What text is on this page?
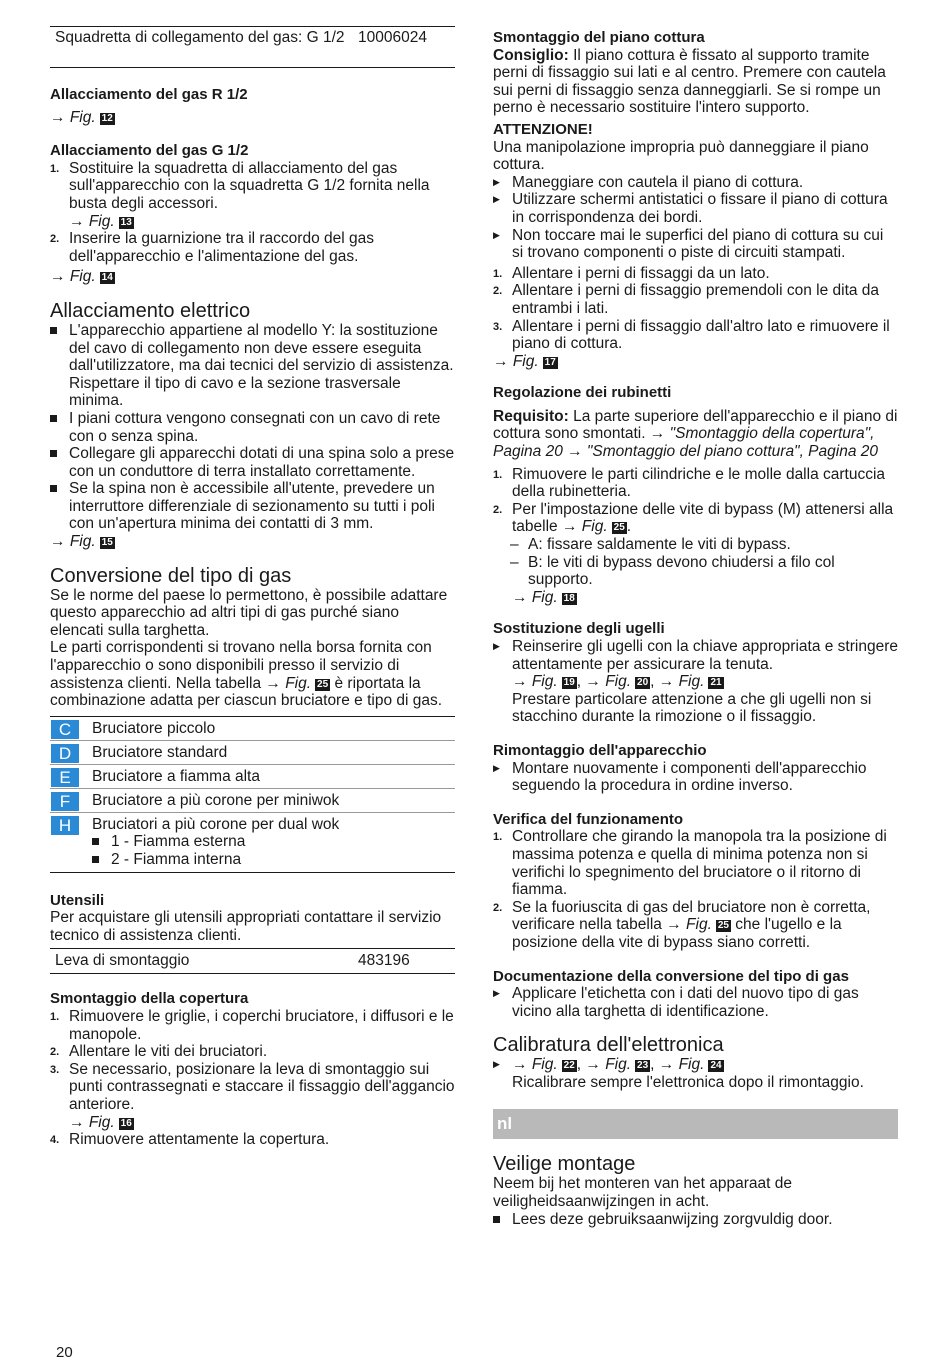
Squadretta di collegamento del gas: G 1/2 10006024
Allacciamento del gas R 1/2

→ Fig. 12

Allacciamento del gas G 1/2
1. Sostituire la squadretta di allacciamento del gas sull'apparecchio con la squadretta G 1/2 fornita nella busta degli accessori.
→ Fig. 13
2. Inserire la guarnizione tra il raccordo del gas dell'apparecchio e l'alimentazione del gas.

→ Fig. 14

Allacciamento elettrico
L'apparecchio appartiene al modello Y: la sostituzione del cavo di collegamento non deve essere eseguita dall'utilizzatore, ma dai tecnici del servizio di assistenza. Rispettare il tipo di cavo e la sezione trasversale minima.
I piani cottura vengono consegnati con un cavo di rete con o senza spina.
Collegare gli apparecchi dotati di una spina solo a prese con un conduttore di terra installato correttamente.
Se la spina non è accessibile all'utente, prevedere un interruttore differenziale di sezionamento su tutti i poli con un'apertura minima dei contatti di 3 mm.

→ Fig. 15

Conversione del tipo di gas

Se le norme del paese lo permettono, è possibile adattare questo apparecchio ad altri tipi di gas purché siano elencati sulla targhetta.

Le parti corrispondenti si trovano nella borsa fornita con l'apparecchio o sono disponibili presso il servizio di assistenza clienti. Nella tabella → Fig. 25 è riportata la combinazione adatta per ciascun bruciatore e tipo di gas.

C	Bruciatore piccolo
D	Bruciatore standard
E	Bruciatore a fiamma alta
F	Bruciatore a più corone per miniwok
H	Bruciatori a più corone per dual wok
1 - Fiamma esterna
2 - Fiamma interna
Utensili

Per acquistare gli utensili appropriati contattare il servizio tecnico di assistenza clienti.

Leva di smontaggio	483196
Smontaggio della copertura
1. Rimuovere le griglie, i coperchi bruciatore, i diffusori e le manopole.
2. Allentare le viti dei bruciatori.
3. Se necessario, posizionare la leva di smontaggio sui punti contrassegnati e staccare il fissaggio dell'aggancio anteriore.
→ Fig. 16
4. Rimuovere attentamente la copertura.
Smontaggio del piano cottura

Consiglio: Il piano cottura è fissato al supporto tramite perni di fissaggio sui lati e al centro. Premere con cautela sui perni di fissaggio senza danneggiarli. Se si rompe un perno è necessario sostituire l'intero supporto.

ATTENZIONE!

Una manipolazione impropria può danneggiare il piano cottura.

▶ Maneggiare con cautela il piano di cottura.
▶ Utilizzare schermi antistatici o fissare il piano di cottura in corrispondenza dei bordi.
▶ Non toccare mai le superfici del piano di cottura su cui si trovano componenti o piste di circuiti stampati.
1. Allentare i perni di fissaggi da un lato.
2. Allentare i perni di fissaggio premendoli con le dita da entrambi i lati.
3. Allentare i perni di fissaggio dall'altro lato e rimuovere il piano di cottura.

→ Fig. 17

Regolazione dei rubinetti

Requisito: La parte superiore dell'apparecchio e il piano di cottura sono smontati. → "Smontaggio della copertura", Pagina 20 → "Smontaggio del piano cottura", Pagina 20

1. Rimuovere le parti cilindriche e le molle dalla cartuccia della rubinetteria.
2. Per l'impostazione delle vite di bypass (M) attenersi alla tabelle → Fig. 25 .
– A: fissare saldamente le viti di bypass.
– B: le viti di bypass devono chiudersi a filo col supporto.

→ Fig. 18

Sostituzione degli ugelli
▶ Reinserire gli ugelli con la chiave appropriata e stringere attentamente per assicurare la tenuta.
→ Fig. 19 , → Fig. 20 , → Fig. 21
Prestare particolare attenzione a che gli ugelli non si stacchino durante la rimozione o il fissaggio.
Rimontaggio dell'apparecchio
▶ Montare nuovamente i componenti dell'apparecchio seguendo la procedura in ordine inverso.
Verifica del funzionamento
1. Controllare che girando la manopola tra la posizione di massima potenza e quella di minima potenza non si verifichi lo spegnimento del bruciatore o il ritorno di fiamma.
2. Se la fuoriuscita di gas del bruciatore non è corretta, verificare nella tabella → Fig. 25 che l'ugello e la posizione della vite di bypass siano corretti.
Documentazione della conversione del tipo di gas
▶ Applicare l'etichetta con i dati del nuovo tipo di gas vicino alla targhetta di identificazione.
Calibratura dell'elettronica
▶ → Fig. 22 , → Fig. 23 , → Fig. 24
Ricalibrare sempre l'elettronica dopo il rimontaggio.
nl
Veilige montage

Neem bij het monteren van het apparaat de veiligheidsaanwijzingen in acht.

Lees deze gebruiksaanwijzing zorgvuldig door.
20
